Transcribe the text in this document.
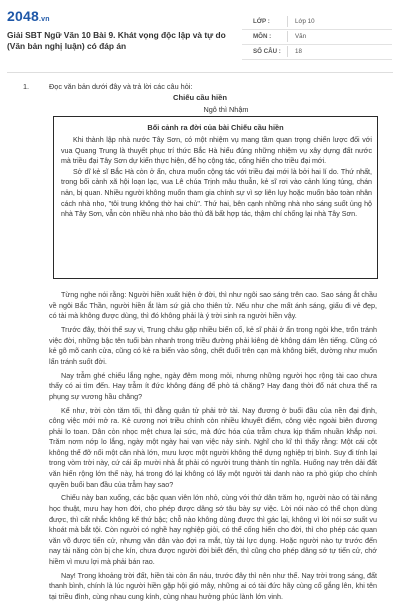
2048.vn
Giải SBT Ngữ Văn 10 Bài 9. Khát vọng độc lập và tự do (Văn bản nghị luận) có đáp án
LỚP :	Lớp 10
MÔN :	Văn
SỐ CÂU : 18
1.	Đọc văn bản dưới đây và trả lời các câu hỏi:
Chiếu cầu hiền
Ngô thì Nhậm
Bối cảnh ra đời của bài Chiếu cầu hiền

Khi thành lập nhà nước Tây Sơn, có một nhiệm vụ mang tầm quan trọng chiến lược đối với vua Quang Trung là thuyết phục trí thức Bắc Hà hiểu đúng những nhiệm vụ xây dựng đất nước mà triều đại Tây Sơn dự kiến thực hiện, để họ cộng tác, cống hiến cho triều đại mới.

Sở dĩ kẻ sĩ Bắc Hà còn ở ẩn, chưa muốn cộng tác với triều đại mới là bởi hai lí do. Thứ nhất, trong bối cảnh xã hội loạn lạc, vua Lê chúa Trịnh mâu thuẫn, kẻ sĩ rơi vào cảnh lúng túng, chán nản, bị quan. Nhiều người không muốn tham gia chính sự vì sợ liên lụy hoặc muốn bảo toàn nhân cách nhà nho, "tôi trung không thờ hai chủ". Thứ hai, bên cạnh những nhà nho sáng suốt ủng hộ nhà Tây Sơn, vẫn còn nhiều nhà nho bảo thủ đã bất hợp tác, thậm chí chống lại nhà Tây Sơn.

Từng nghe nói rằng: Người hiền xuất hiện ở đời, thì như ngôi sao sáng trên cao. Sao sáng ắt chầu về ngôi Bắc Thần, người hiền ắt làm sứ giả cho thiên tử. Nếu như che mất ánh sáng, giấu đi vẻ đẹp, có tài mà không được dùng, thì đó không phải là ý trời sinh ra người hiền vậy.

Trước đây, thời thế suy vi, Trung châu gặp nhiều biến cố, kẻ sĩ phải ở ẩn trong ngòi khe, trốn tránh việc đời, những bậc tên tuổi bàn nhanh trong triều đường phải kiêng dè không dám lên tiếng. Cũng có kẻ gõ mõ canh cửa, cũng có kẻ ra biển vào sông, chết đuối trên cạn mà không biết, dường như muốn lẩn tránh suốt đời.

Nay trẫm ghé chiếu lắng nghe, ngày đêm mong mỏi, nhưng những người học rộng tài cao chưa thấy có ai tìm đến. Hay trẫm ít đức không đáng để phò tá chăng? Hay đang thời đổ nát chưa thể ra phụng sự vương hầu chăng?

Kể như, trời còn tăm tối, thì đằng quân tử phải trở tài. Nay đương ở buổi đầu của nền đại định, công việc mới mở ra. Kẻ cương nơi triều chính còn nhiều khuyết điểm, công việc ngoài biên đương phải lo toan. Dân còn nhọc mệt chưa lại sức, mà đức hóa của trẫm chưa kịp thấm nhuần khắp nơi. Trăm nơm nớp lo lắng, ngày một ngày hai vạn việc nảy sinh. Nghĩ cho kĩ thì thấy rằng: Một cái cột không thể đỡ nổi một căn nhà lớn, mưu lược một người không thể dựng nghiệp trị bình. Suy đi tính lại trong vòm trời này, cứ cái ấp mười nhà ắt phải có người trung thành tín nghĩa. Huống nay trên dải đất văn hiến rộng lớn thế này, há trong đó lại không có lấy một người tài danh nào ra phò giúp cho chính quyền buổi ban đầu của trẫm hay sao?

Chiếu này ban xuống, các bậc quan viên lớn nhỏ, cùng với thứ dân trăm họ, người nào có tài năng học thuật, mưu hay hơn đời, cho phép được dâng sớ tâu bày sự việc. Lời nói nào có thể chọn dùng được, thì cất nhắc không kể thứ bậc; chỗ nào không dùng được thì gác lại, không vì lời nói sơ suất vu khoát mà bắt tội. Còn người có nghề hay nghiệp giỏi, có thể cống hiến cho đời, thì cho phép các quan văn võ được tiến cử, nhưng văn dân vào đợi ra mắt, tùy tài lực dụng. Hoặc người nào tự trước đến nay tài năng còn bị che kín, chưa được người đời biết đến, thì cũng cho phép dâng sớ tự tiến cử, chớ hiềm vì mưu lợi mà phải bán rao.

Nay! Trong khoảng trời đất, hiền tài còn ẩn náu, trước đây thì nên như thế. Nay trời trong sáng, đất thanh bình, chính là lúc người hiền gặp hội gió mây, những ai có tài đức hãy cùng cố gắng lên, khi tên tại triều đình, cùng nhau cung kính, cùng nhau hưởng phúc lành lớn vinh.
